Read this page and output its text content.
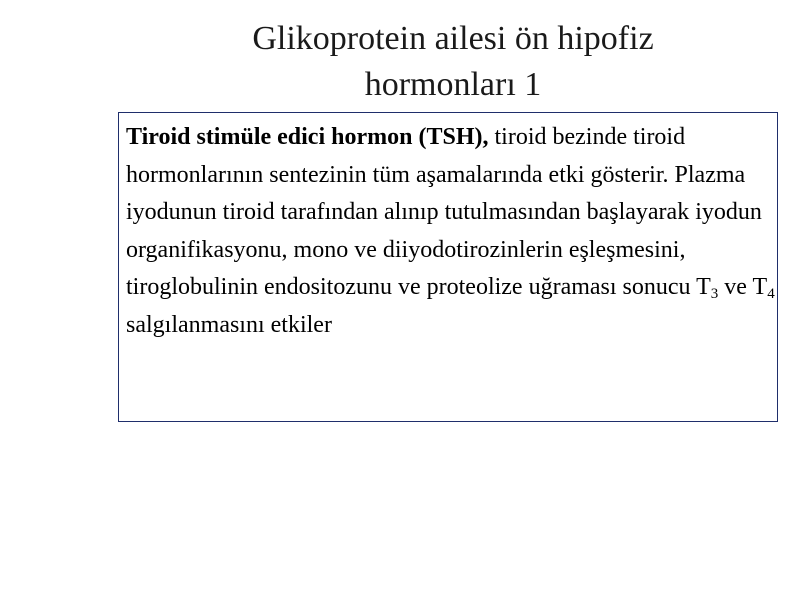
Glikoprotein ailesi ön hipofiz
hormonları 1

Tiroid stimüle edici hormon (TSH), tiroid bezinde tiroid hormonlarının sentezinin tüm aşamalarında etki gösterir. Plazma iyodunun tiroid tarafından alınıp tutulmasından başlayarak iyodun organifikasyonu, mono ve diiyodotirozinlerin eşleşmesini, tiroglobulinin endositozunu ve proteolize uğraması sonucu $T_3$ ve $T_4$ salgılanmasını etkiler
